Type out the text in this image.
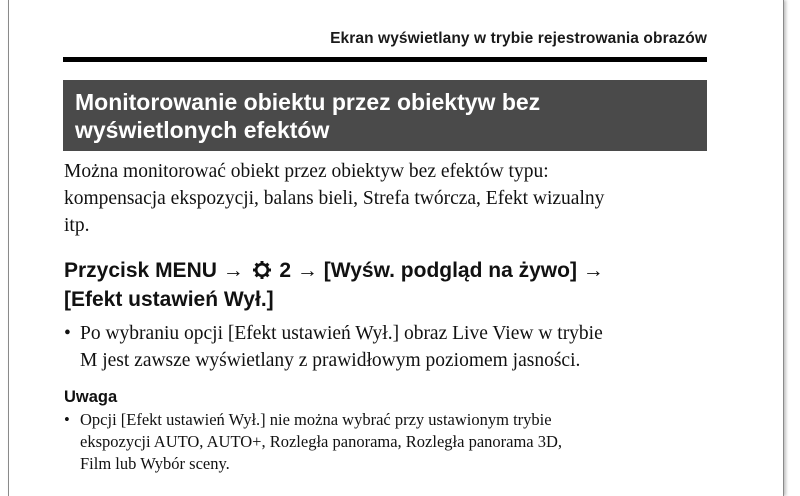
Ekran wyświetlany w trybie rejestrowania obrazów
Monitorowanie obiektu przez obiektyw bez
wyświetlonych efektów
Można monitorować obiekt przez obiektyw bez efektów typu:
kompensacja ekspozycji, balans bieli, Strefa twórcza, Efekt wizualny
itp.
Przycisk MENU → 2 → [Wyśw. podgląd na żywo] →
[Efekt ustawień Wył.]
• Po wybraniu opcji [Efekt ustawień Wył.] obraz Live View w trybie
M jest zawsze wyświetlany z prawidłowym poziomem jasności.
Uwaga
• Opcji [Efekt ustawień Wył.] nie można wybrać przy ustawionym trybie
ekspozycji AUTO, AUTO+, Rozległa panorama, Rozległa panorama 3D,
Film lub Wybór sceny.
